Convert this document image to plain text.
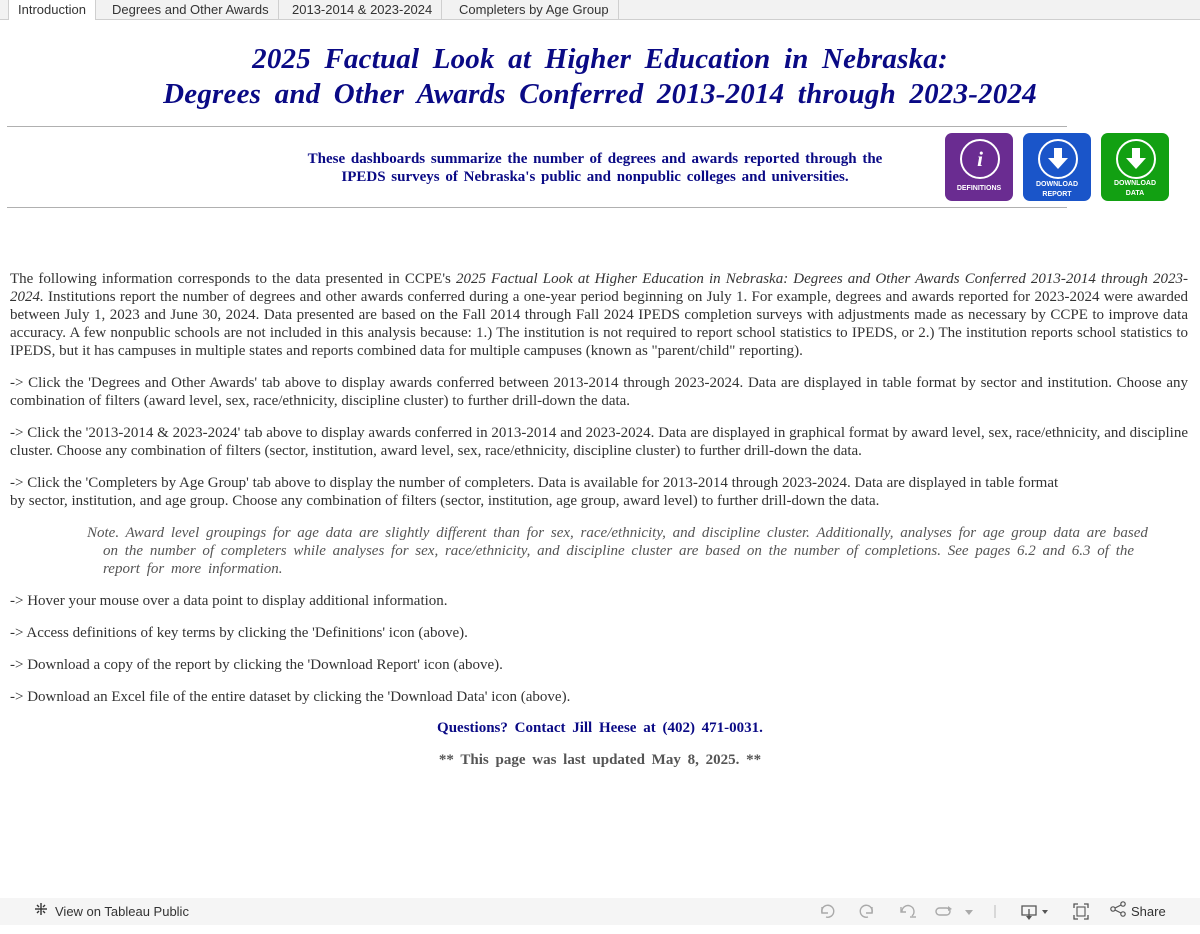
Introduction	Degrees and Other Awards	2013-2014 & 2023-2024	Completers by Age Group
2025 Factual Look at Higher Education in Nebraska:
Degrees and Other Awards Conferred 2013-2014 through 2023-2024
These dashboards summarize the number of degrees and awards reported through the
IPEDS surveys of Nebraska's public and nonpublic colleges and universities.
i
DEFINITIONS
DOWNLOAD
REPORT
DOWNLOAD
DATA
The following information corresponds to the data presented in CCPE's 2025 Factual Look at Higher Education in Nebraska: Degrees and Other Awards Conferred 2013-2014 through 2023-2024. Institutions report the number of degrees and other awards conferred during a one-year period beginning on July 1. For example, degrees and awards reported for 2023-2024 were awarded between July 1, 2023 and June 30, 2024. Data presented are based on the Fall 2014 through Fall 2024 IPEDS completion surveys with adjustments made as necessary by CCPE to improve data accuracy. A few nonpublic schools are not included in this analysis because: 1.) The institution is not required to report school statistics to IPEDS, or 2.) The institution reports school statistics to IPEDS, but it has campuses in multiple states and reports combined data for multiple campuses (known as "parent/child" reporting).
-> Click the 'Degrees and Other Awards' tab above to display awards conferred between 2013-2014 through 2023-2024. Data are displayed in table format by sector and institution. Choose any combination of filters (award level, sex, race/ethnicity, discipline cluster) to further drill-down the data.
-> Click the '2013-2014 & 2023-2024' tab above to display awards conferred in 2013-2014 and 2023-2024. Data are displayed in graphical format by award level, sex, race/ethnicity, and discipline cluster. Choose any combination of filters (sector, institution, award level, sex, race/ethnicity, discipline cluster) to further drill-down the data.
-> Click the 'Completers by Age Group' tab above to display the number of completers. Data is available for 2013-2014 through 2023-2024. Data are displayed in table format
by sector, institution, and age group. Choose any combination of filters (sector, institution, age group, award level) to further drill-down the data.
Note. Award level groupings for age data are slightly different than for sex, race/ethnicity, and discipline cluster. Additionally, analyses for age group data are based
on the number of completers while analyses for sex, race/ethnicity, and discipline cluster are based on the number of completions. See pages 6.2 and 6.3 of the
report for more information.
-> Hover your mouse over a data point to display additional information.
-> Access definitions of key terms by clicking the 'Definitions' icon (above).
-> Download a copy of the report by clicking the 'Download Report' icon (above).
-> Download an Excel file of the entire dataset by clicking the 'Download Data' icon (above).
Questions? Contact Jill Heese at (402) 471-0031.
** This page was last updated May 8, 2025. **
View on Tableau Public	Share
